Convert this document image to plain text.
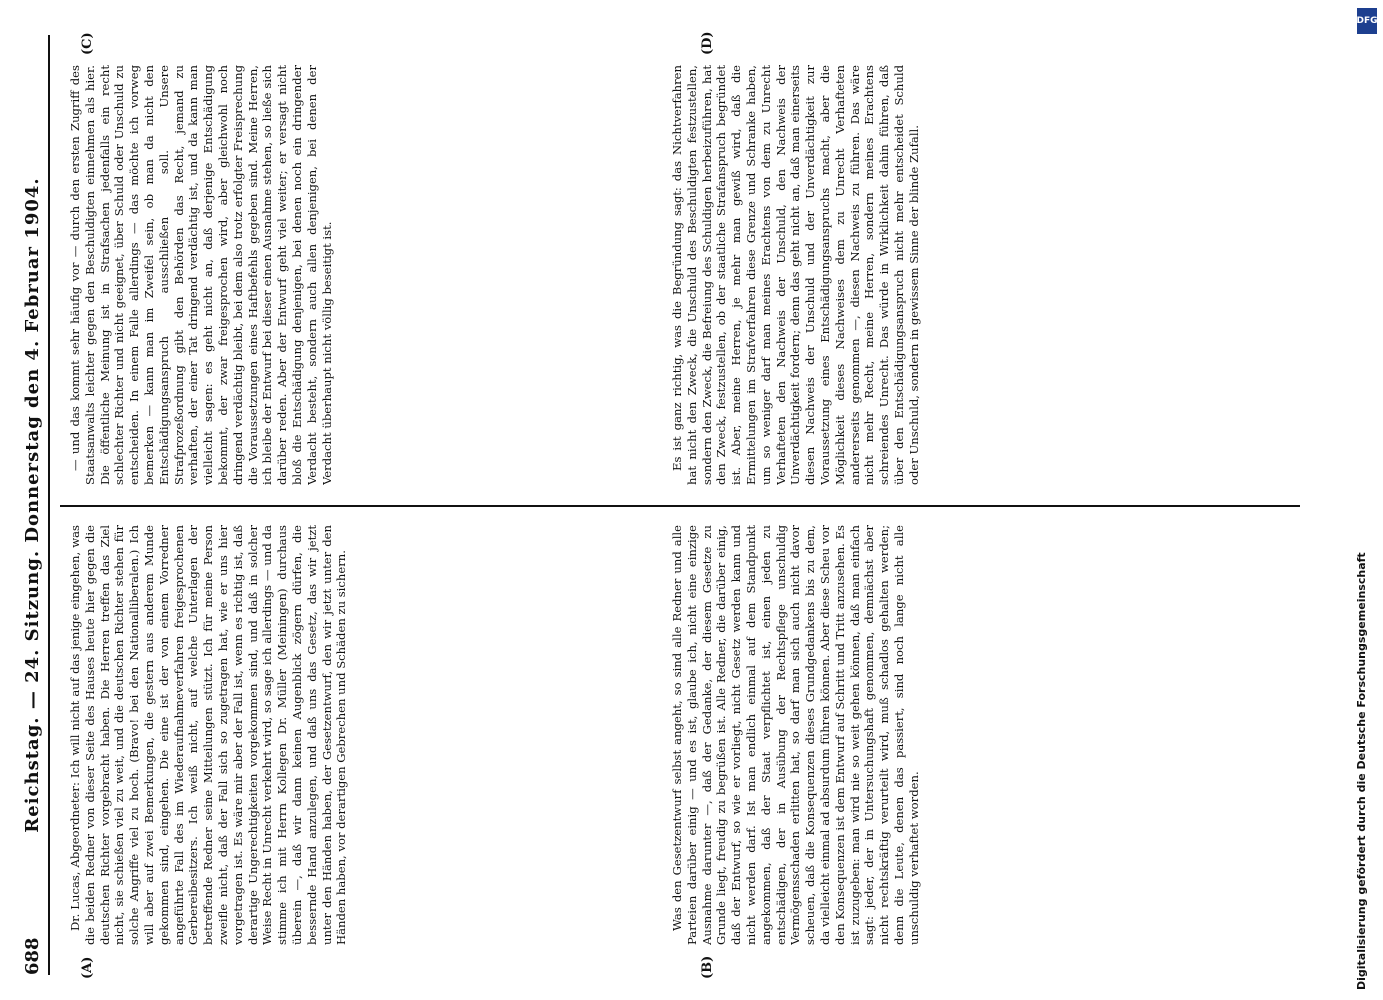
688
Reichstag. — 24. Sitzung. Donnerstag den 4. Februar 1904.
(A)	(B)
(C)	(D)

Dr. Lucas, Abgeordneter: Ich will nicht auf das jenige eingehen, was die beiden Redner von dieser Seite des Hauses heute hier gegen die deutschen Richter vorgebracht haben. Die Herren treffen das Ziel nicht, sie schießen viel zu weit, und die deutschen Richter stehen für solche Angriffe viel zu hoch. (Bravo! bei den Nationalliberalen.) Ich will aber auf zwei Bemerkungen, die gestern aus anderem Munde gekommen sind, eingehen. Die eine ist der von einem Vorredner angeführte Fall des im Wiederaufnahmeverfahren freigesprochenen Gerbereibesitzers. Ich weiß nicht, auf welche Unterlagen der betreffende Redner seine Mitteilungen stützt. Ich für meine Person zweifle nicht, daß der Fall sich so zugetragen hat, wie er uns hier vorgetragen ist. Es wäre mir aber der Fall ist, wenn es richtig ist, daß derartige Ungerechtigkeiten vorgekommen sind, und daß in solcher Weise Recht in Unrecht verkehrt wird, so sage ich allerdings — und da stimme ich mit Herrn Kollegen Dr. Müller (Meiningen) durchaus überein —, daß wir dann keinen Augenblick zögern dürfen, die bessernde Hand anzulegen, und daß uns das Gesetz, das wir jetzt unter den Händen haben, der Gesetzentwurf, den wir jetzt unter den Händen haben, vor derartigen Gebrechen und Schäden zu sichern.

— und das kommt sehr häufig vor — durch den ersten Zugriff des Staatsanwalts leichter gegen den Beschuldigten einnehmen als hier. Die öffentliche Meinung ist in Strafsachen jedenfalls ein recht schlechter Richter und nicht geeignet, über Schuld oder Unschuld zu entscheiden. In einem Falle allerdings — das möchte ich vorweg bemerken — kann man im Zweifel sein, ob man da nicht den Entschädigungsanspruch ausschließen soll. Unsere Strafprozeßordnung gibt den Behörden das Recht, jemand zu verhaften, der einer Tat dringend verdächtig ist, und da kann man vielleicht sagen: es geht nicht an, daß derjenige Entschädigung bekommt, der zwar freigesprochen wird, aber gleichwohl noch dringend verdächtig bleibt, bei dem also trotz erfolgter Freisprechung die Voraussetzungen eines Haftbefehls gegeben sind. Meine Herren, ich bleibe der Entwurf bei dieser einen Ausnahme stehen, so ließe sich darüber reden. Aber der Entwurf geht viel weiter; er versagt nicht bloß die Entschädigung denjenigen, bei denen noch ein dringender Verdacht besteht, sondern auch allen denjenigen, bei denen der Verdacht überhaupt nicht völlig beseitigt ist.

Was den Gesetzentwurf selbst angeht, so sind alle Redner und alle Parteien darüber einig — und es ist, glaube ich, nicht eine einzige Ausnahme darunter —, daß der Gedanke, der diesem Gesetze zu Grunde liegt, freudig zu begrüßen ist. Alle Redner, die darüber einig, daß der Entwurf, so wie er vorliegt, nicht Gesetz werden kann und nicht werden darf. Ist man endlich einmal auf dem Standpunkt angekommen, daß der Staat verpflichtet ist, einen jeden zu entschädigen, der in Ausübung der Rechtspflege unschuldig Vermögensschaden erlitten hat, so darf man sich auch nicht davor scheuen, daß die Konsequenzen dieses Grundgedankens bis zu dem, da vielleicht einmal ad absurdum führen können. Aber diese Scheu vor den Konsequenzen ist dem Entwurf auf Schritt und Tritt anzusehen. Es ist zuzugeben: man wird nie so weit gehen können, daß man einfach sagt: jeder, der in Untersuchungshaft genommen, demnächst aber nicht rechtskräftig verurteilt wird, muß schadlos gehalten werden; denn die Leute, denen das passiert, sind noch lange nicht alle unschuldig verhaftet worden.

Es ist ganz richtig, was die Begründung sagt: das Nichtverfahren hat nicht den Zweck, die Unschuld des Beschuldigten festzustellen, sondern den Zweck, die Befreiung des Schuldigen herbeizuführen, hat den Zweck, festzustellen, ob der staatliche Strafanspruch begründet ist. Aber, meine Herren, je mehr man gewiß wird, daß die Ermittelungen im Strafverfahren diese Grenze und Schranke haben, um so weniger darf man meines Erachtens von dem zu Unrecht Verhafteten den Nachweis der Unschuld, den Nachweis der Unverdächtigkeit fordern; denn das geht nicht an, daß man einerseits diesen Nachweis der Unschuld und der Unverdächtigkeit zur Voraussetzung eines Entschädigungsanspruchs macht, aber die Möglichkeit dieses Nachweises dem zu Unrecht Verhafteten andererseits genommen —, diesen Nachweis zu führen. Das wäre nicht mehr Recht, meine Herren, sondern meines Erachtens schreiendes Unrecht. Das würde in Wirklichkeit dahin führen, daß über den Entschädigungsanspruch nicht mehr entscheidet Schuld oder Unschuld, sondern in gewissem Sinne der blinde Zufall.

Digitalisierung gefördert durch die Deutsche Forschungsgemeinschaft
DFG
